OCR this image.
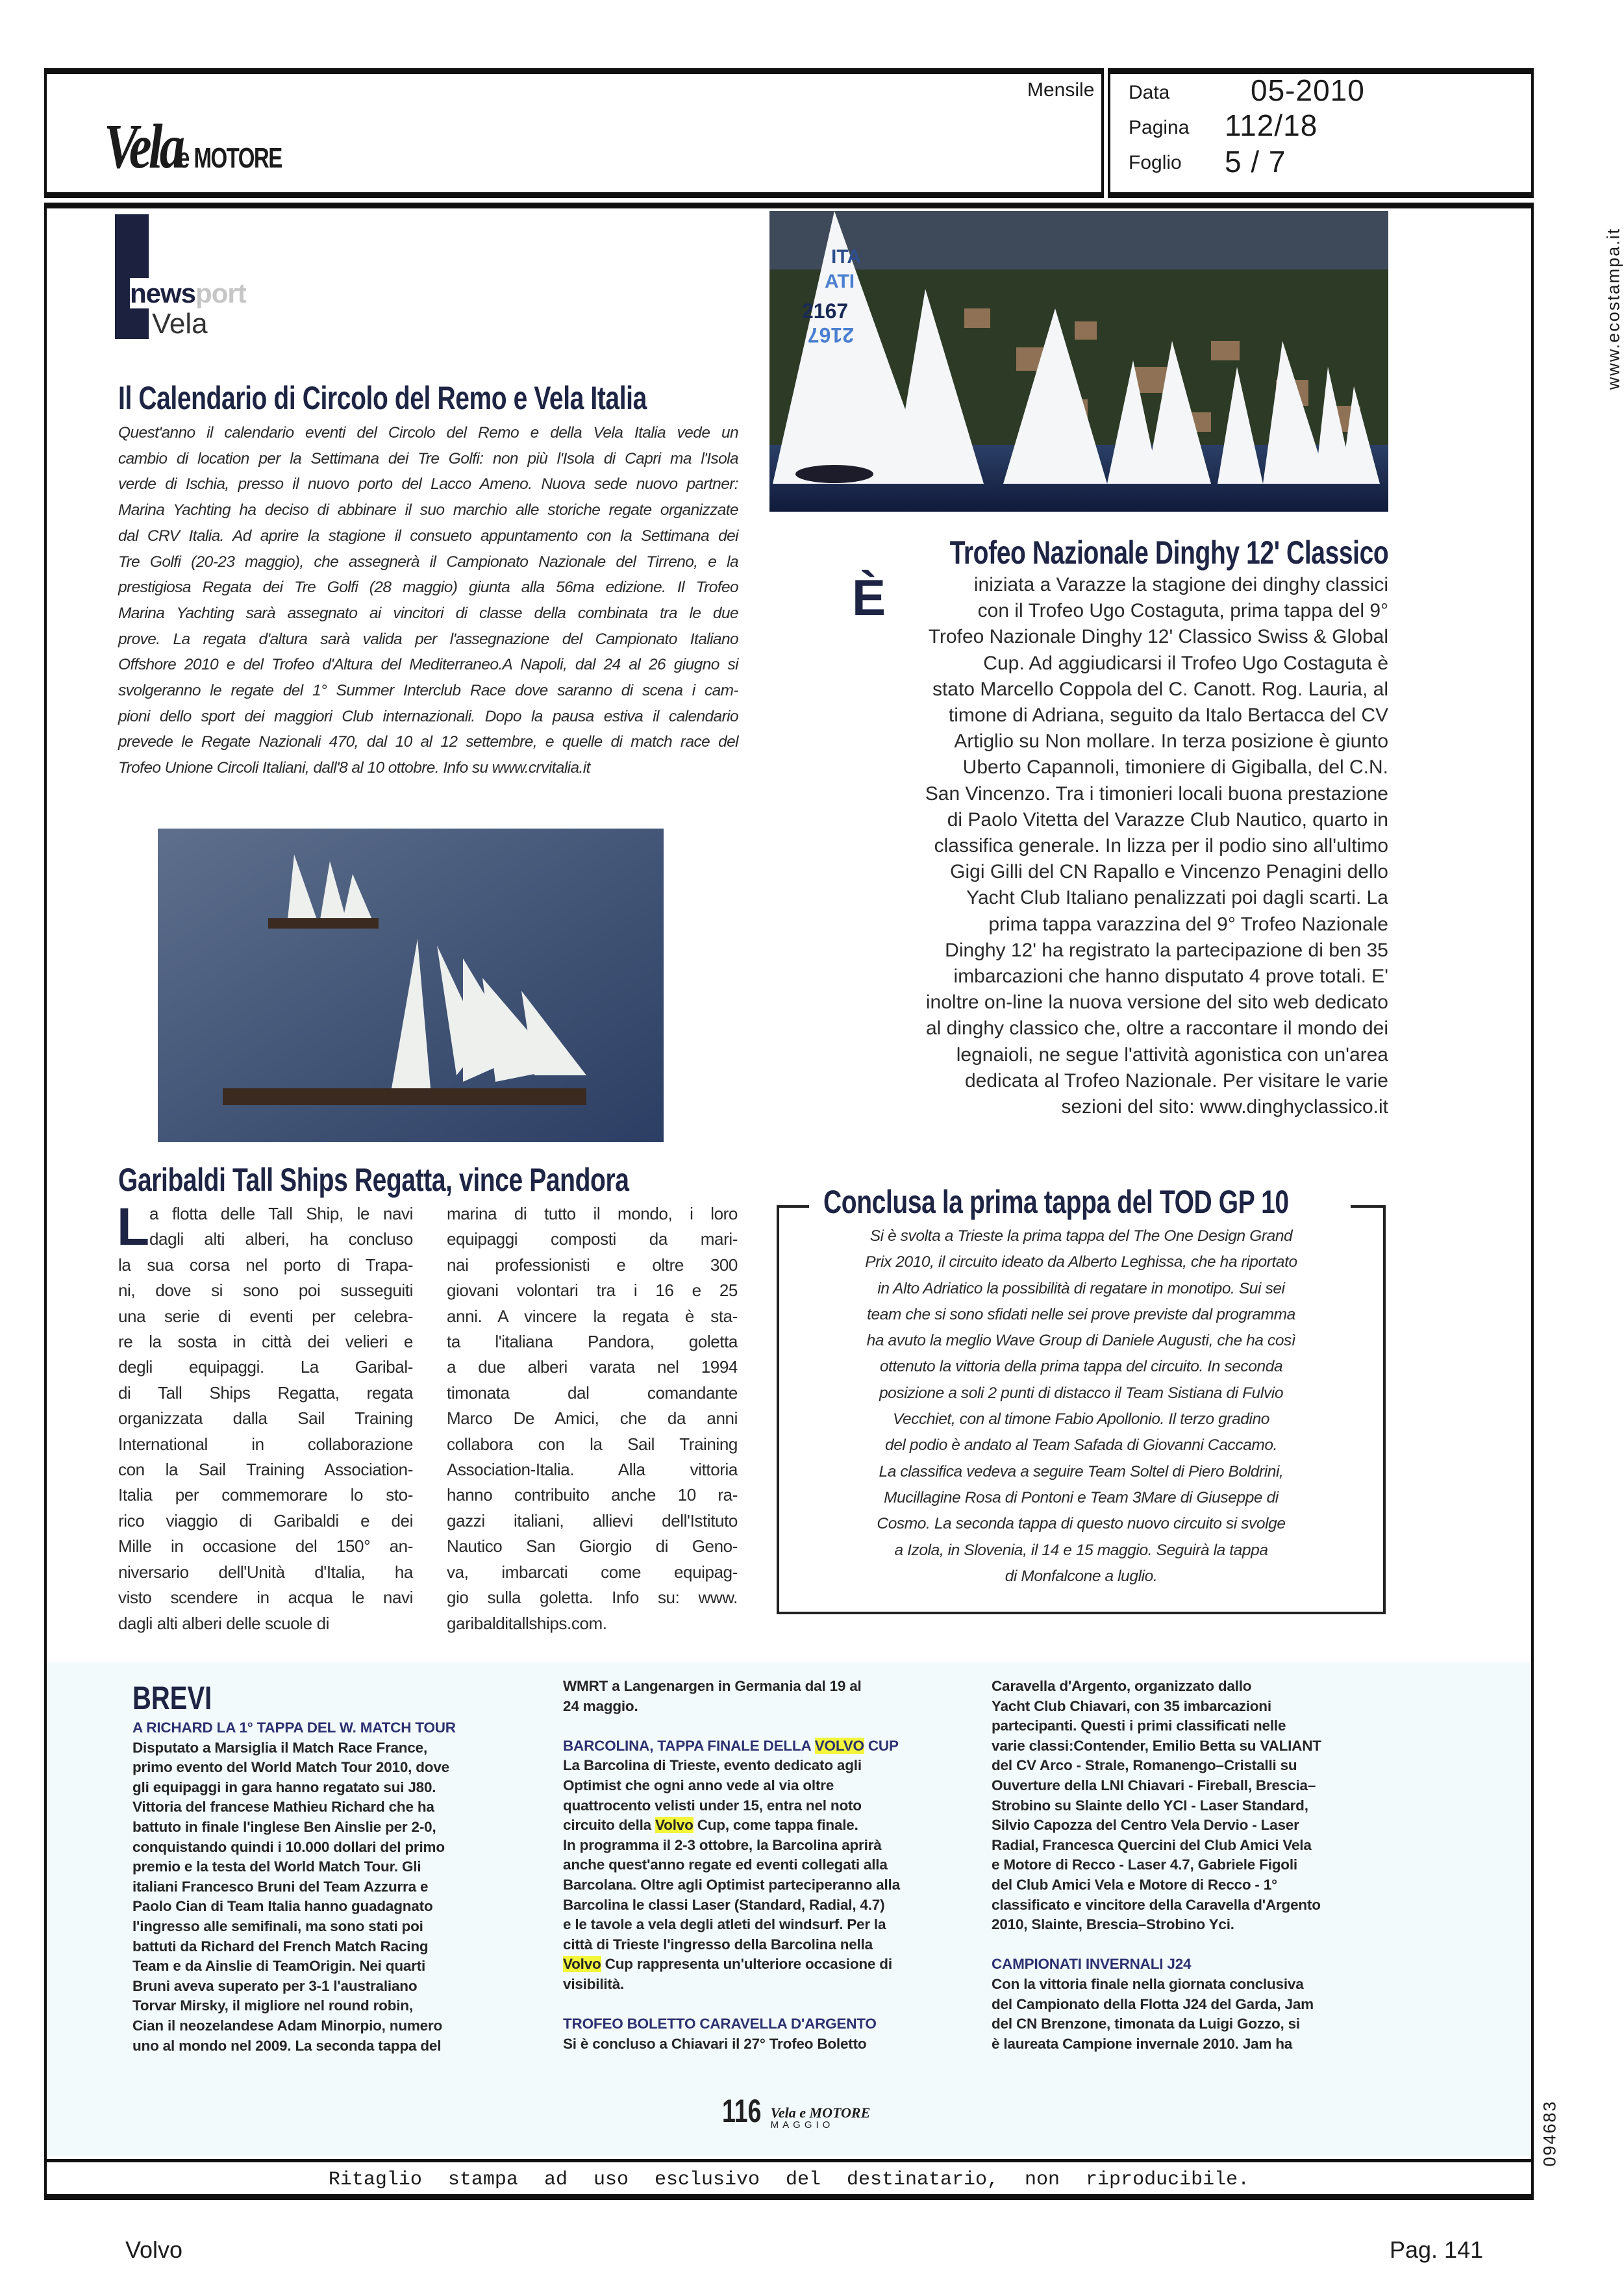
Velae MOTORE
Mensile Data	05-2010
Pagina 112/18
Foglio 5 / 7
www.ecostampa.it
094683
newsport
Vela
Il Calendario di Circolo del Remo e Vela Italia
Quest'anno il calendario eventi del Circolo del Remo e della Vela Italia vede un
cambio di location per la Settimana dei Tre Golfi: non più l'Isola di Capri ma l'Isola
verde di Ischia, presso il nuovo porto del Lacco Ameno. Nuova sede nuovo partner:
Marina Yachting ha deciso di abbinare il suo marchio alle storiche regate organizzate
dal CRV Italia. Ad aprire la stagione il consueto appuntamento con la Settimana dei
Tre Golfi (20-23 maggio), che assegnerà il Campionato Nazionale del Tirreno, e la
prestigiosa Regata dei Tre Golfi (28 maggio) giunta alla 56ma edizione. Il Trofeo
Marina Yachting sarà assegnato ai vincitori di classe della combinata tra le due
prove. La regata d'altura sarà valida per l'assegnazione del Campionato Italiano
Offshore 2010 e del Trofeo d'Altura del Mediterraneo.A Napoli, dal 24 al 26 giugno si
svolgeranno le regate del 1° Summer Interclub Race dove saranno di scena i cam-
pioni dello sport dei maggiori Club internazionali. Dopo la pausa estiva il calendario
prevede le Regate Nazionali 470, dal 10 al 12 settembre, e quelle di match race del
Trofeo Unione Circoli Italiani, dall'8 al 10 ottobre. Info su www.crvitalia.it
ITA
ATI
2167
2167
Trofeo Nazionale Dinghy 12' Classico
È	iniziata a Varazze la stagione dei dinghy classici
con il Trofeo Ugo Costaguta, prima tappa del 9°
Trofeo Nazionale Dinghy 12' Classico Swiss & Global
Cup. Ad aggiudicarsi il Trofeo Ugo Costaguta è
stato Marcello Coppola del C. Canott. Rog. Lauria, al
timone di Adriana, seguito da Italo Bertacca del CV
Artiglio su Non mollare. In terza posizione è giunto
Uberto Capannoli, timoniere di Gigiballa, del C.N.
San Vincenzo. Tra i timonieri locali buona prestazione
di Paolo Vitetta del Varazze Club Nautico, quarto in
classifica generale. In lizza per il podio sino all'ultimo
Gigi Gilli del CN Rapallo e Vincenzo Penagini dello
Yacht Club Italiano penalizzati poi dagli scarti. La
prima tappa varazzina del 9° Trofeo Nazionale
Dinghy 12' ha registrato la partecipazione di ben 35
imbarcazioni che hanno disputato 4 prove totali. E'
inoltre on-line la nuova versione del sito web dedicato
al dinghy classico che, oltre a raccontare il mondo dei
legnaioli, ne segue l'attività agonistica con un'area
dedicata al Trofeo Nazionale. Per visitare le varie
sezioni del sito: www.dinghyclassico.it
Garibaldi Tall Ships Regatta, vince Pandora
L a flotta delle Tall Ship, le navi
dagli alti alberi, ha concluso
la sua corsa nel porto di Trapa-
ni, dove si sono poi susseguiti
una serie di eventi per celebra-
re la sosta in città dei velieri e
degli equipaggi. La Garibal-
di Tall Ships Regatta, regata
organizzata dalla Sail Training
International in collaborazione
con la Sail Training Association-
Italia per commemorare lo sto-
rico viaggio di Garibaldi e dei
Mille in occasione del 150° an-
niversario dell'Unità d'Italia, ha
visto scendere in acqua le navi
dagli alti alberi delle scuole di
marina di tutto il mondo, i loro
equipaggi composti da mari-
nai professionisti e oltre 300
giovani volontari tra i 16 e 25
anni. A vincere la regata è sta-
ta l'italiana Pandora, goletta
a due alberi varata nel 1994
timonata dal comandante
Marco De Amici, che da anni
collabora con la Sail Training
Association-Italia. Alla vittoria
hanno contribuito anche 10 ra-
gazzi italiani, allievi dell'Istituto
Nautico San Giorgio di Geno-
va, imbarcati come equipag-
gio sulla goletta. Info su: www.
garibalditallships.com.
Conclusa la prima tappa del TOD GP 10
Si è svolta a Trieste la prima tappa del The One Design Grand
Prix 2010, il circuito ideato da Alberto Leghissa, che ha riportato
in Alto Adriatico la possibilità di regatare in monotipo. Sui sei
team che si sono sfidati nelle sei prove previste dal programma
ha avuto la meglio Wave Group di Daniele Augusti, che ha così
ottenuto la vittoria della prima tappa del circuito. In seconda
posizione a soli 2 punti di distacco il Team Sistiana di Fulvio
Vecchiet, con al timone Fabio Apollonio. Il terzo gradino
del podio è andato al Team Safada di Giovanni Caccamo.
La classifica vedeva a seguire Team Soltel di Piero Boldrini,
Mucillagine Rosa di Pontoni e Team 3Mare di Giuseppe di
Cosmo. La seconda tappa di questo nuovo circuito si svolge
a Izola, in Slovenia, il 14 e 15 maggio. Seguirà la tappa
di Monfalcone a luglio.
BREVI
A RICHARD LA 1° TAPPA DEL W. MATCH TOUR
Disputato a Marsiglia il Match Race France,
primo evento del World Match Tour 2010, dove
gli equipaggi in gara hanno regatato sui J80.
Vittoria del francese Mathieu Richard che ha
battuto in finale l'inglese Ben Ainslie per 2-0,
conquistando quindi i 10.000 dollari del primo
premio e la testa del World Match Tour. Gli
italiani Francesco Bruni del Team Azzurra e
Paolo Cian di Team Italia hanno guadagnato
l'ingresso alle semifinali, ma sono stati poi
battuti da Richard del French Match Racing
Team e da Ainslie di TeamOrigin. Nei quarti
Bruni aveva superato per 3-1 l'australiano
Torvar Mirsky, il migliore nel round robin,
Cian il neozelandese Adam Minorpio, numero
uno al mondo nel 2009. La seconda tappa del
WMRT a Langenargen in Germania dal 19 al
24 maggio.

BARCOLINA, TAPPA FINALE DELLA VOLVO CUP
La Barcolina di Trieste, evento dedicato agli
Optimist che ogni anno vede al via oltre
quattrocento velisti under 15, entra nel noto
circuito della Volvo Cup, come tappa finale.
In programma il 2-3 ottobre, la Barcolina aprirà
anche quest'anno regate ed eventi collegati alla
Barcolana. Oltre agli Optimist parteciperanno alla
Barcolina le classi Laser (Standard, Radial, 4.7)
e le tavole a vela degli atleti del windsurf. Per la
città di Trieste l'ingresso della Barcolina nella
Volvo Cup rappresenta un'ulteriore occasione di
visibilità.

TROFEO BOLETTO CARAVELLA D'ARGENTO
Si è concluso a Chiavari il 27° Trofeo Boletto
Caravella d'Argento, organizzato dallo
Yacht Club Chiavari, con 35 imbarcazioni
partecipanti. Questi i primi classificati nelle
varie classi:Contender, Emilio Betta su VALIANT
del CV Arco - Strale, Romanengo–Cristalli su
Ouverture della LNI Chiavari - Fireball, Brescia–
Strobino su Slainte dello YCI - Laser Standard,
Silvio Capozza del Centro Vela Dervio - Laser
Radial, Francesca Quercini del Club Amici Vela
e Motore di Recco - Laser 4.7, Gabriele Figoli
del Club Amici Vela e Motore di Recco - 1°
classificato e vincitore della Caravella d'Argento
2010, Slainte, Brescia–Strobino Yci.

CAMPIONATI INVERNALI J24
Con la vittoria finale nella giornata conclusiva
del Campionato della Flotta J24 del Garda, Jam
del CN Brenzone, timonata da Luigi Gozzo, si
è laureata Campione invernale 2010. Jam ha
116 Vela e MOTORE
MAGGIO
Ritaglio stampa ad uso esclusivo del destinatario, non riproducibile.
Volvo	Pag. 141
